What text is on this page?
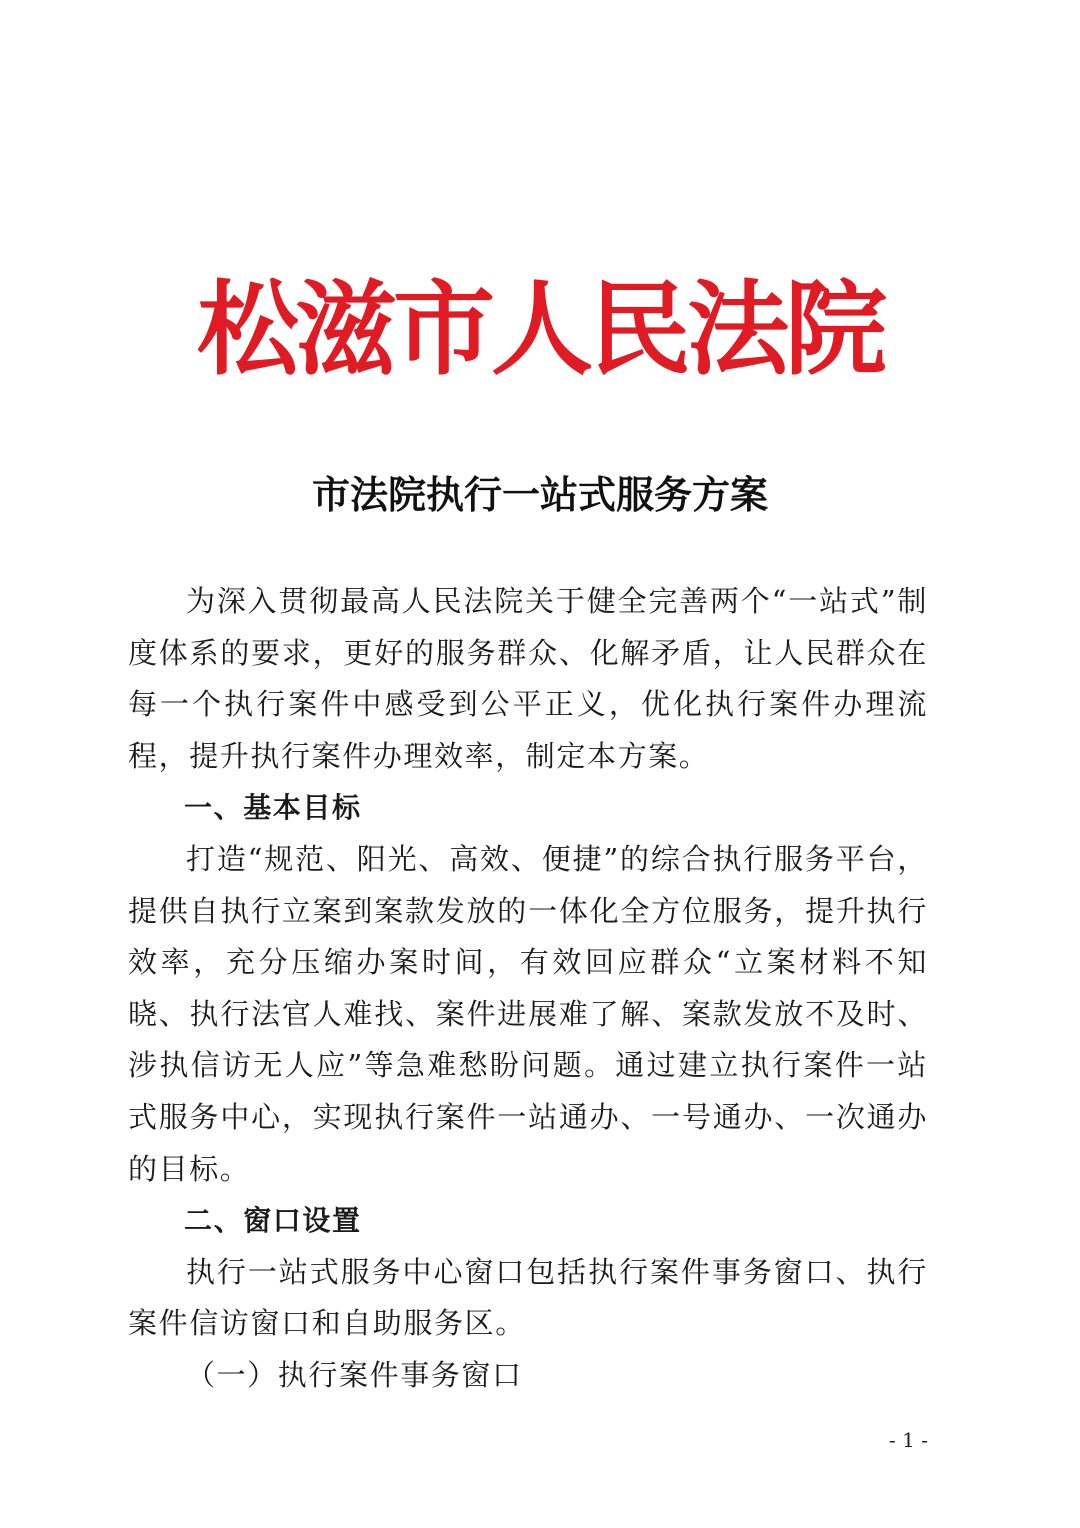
松滋市人民法院
市法院执行一站式服务方案

为深入贯彻最高人民法院关于健全完善两个“一站式”制度体系的要求，更好的服务群众、化解矛盾，让人民群众在每一个执行案件中感受到公平正义，优化执行案件办理流程，提升执行案件办理效率，制定本方案。

一、基本目标

打造“规范、阳光、高效、便捷”的综合执行服务平台，提供自执行立案到案款发放的一体化全方位服务，提升执行效率，充分压缩办案时间，有效回应群众“立案材料不知晓、执行法官人难找、案件进展难了解、案款发放不及时、涉执信访无人应”等急难愁盼问题。通过建立执行案件一站式服务中心，实现执行案件一站通办、一号通办、一次通办的目标。

二、窗口设置

执行一站式服务中心窗口包括执行案件事务窗口、执行案件信访窗口和自助服务区。

（一）执行案件事务窗口

- 1 -
